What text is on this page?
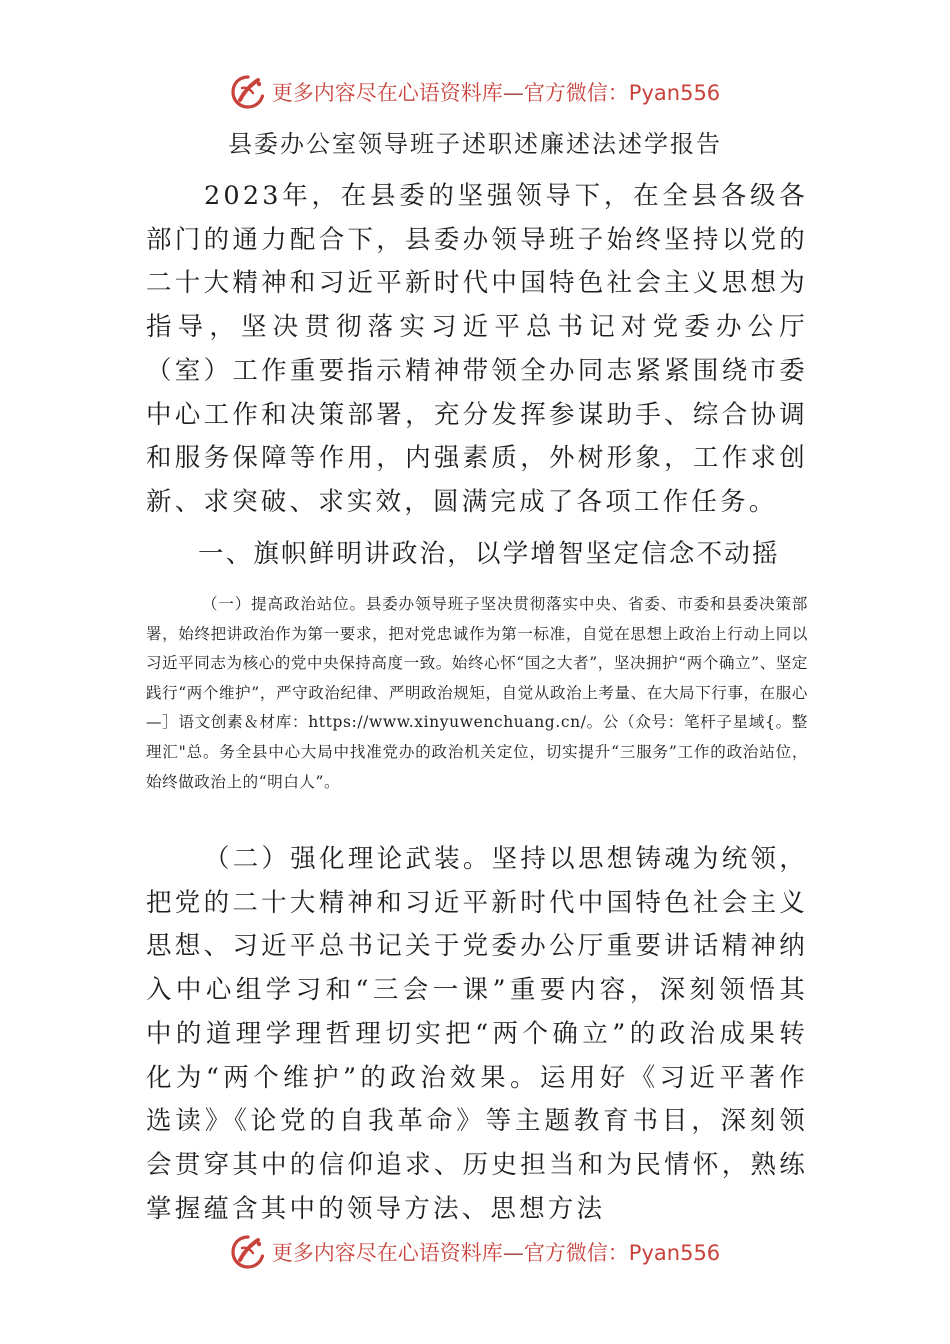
更多内容尽在心语资料库—官方微信：Pyan556
县委办公室领导班子述职述廉述法述学报告

2023年，在县委的坚强领导下，在全县各级各部门的通力配合下，县委办领导班子始终坚持以党的二十大精神和习近平新时代中国特色社会主义思想为指导，坚决贯彻落实习近平总书记对党委办公厅（室）工作重要指示精神带领全办同志紧紧围绕市委中心工作和决策部署，充分发挥参谋助手、综合协调和服务保障等作用，内强素质，外树形象，工作求创新、求突破、求实效，圆满完成了各项工作任务。

一、旗帜鲜明讲政治，以学增智坚定信念不动摇

（一）提高政治站位。县委办领导班子坚决贯彻落实中央、省委、市委和县委决策部署，始终把讲政治作为第一要求，把对党忠诚作为第一标准，自觉在思想上政治上行动上同以习近平同志为核心的党中央保持高度一致。始终心怀“国之大者”，坚决拥护“两个确立”、坚定践行“两个维护”，严守政治纪律、严明政治规矩，自觉从政治上考量、在大局下行事，在服心—］语文创素＆材库：https://www.xinyuwenchuang.cn/。公（众号：笔杆子星域{。整理汇"总。务全县中心大局中找准党办的政治机关定位，切实提升“三服务”工作的政治站位，始终做政治上的“明白人”。

（二）强化理论武装。坚持以思想铸魂为统领，把党的二十大精神和习近平新时代中国特色社会主义思想、习近平总书记关于党委办公厅重要讲话精神纳入中心组学习和“三会一课”重要内容，深刻领悟其中的道理学理哲理切实把“两个确立”的政治成果转化为“两个维护”的政治效果。运用好《习近平著作选读》《论党的自我革命》等主题教育书目，深刻领会贯穿其中的信仰追求、历史担当和为民情怀，熟练掌握蕴含其中的领导方法、思想方法

更多内容尽在心语资料库—官方微信：Pyan556
